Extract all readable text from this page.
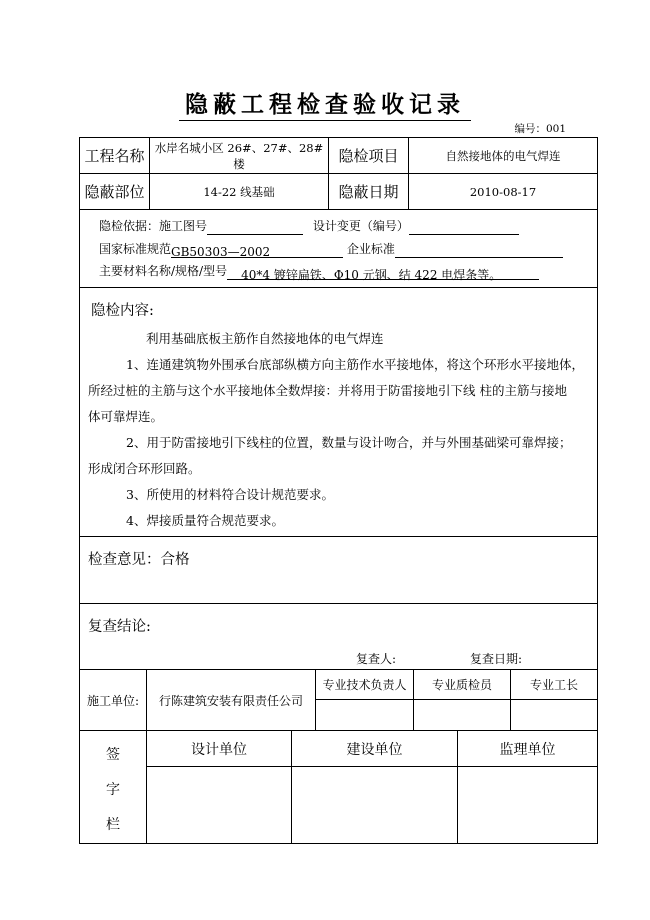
隐蔽工程检查验收记录
编号：001
工程名称 水岸名城小区 26#、27#、28#楼	隐检项目	自然接地体的电气焊连
隐蔽部位	14-22 线基础	隐蔽日期	2010-08-17
隐检依据：施工图号	设计变更（编号）
国家标准规范GB50303—2002	企业标准
主要材料名称/规格/型号 40*4 镀锌扁铁、Φ10 元钢、结 422 电焊条等。
隐检内容:
利用基础底板主筋作自然接地体的电气焊连
1、连通建筑物外围承台底部纵横方向主筋作水平接地体，将这个环形水平接地体，
所经过桩的主筋与这个水平接地体全数焊接：并将用于防雷接地引下线 柱的主筋与接地
体可靠焊连。
2、用于防雷接地引下线柱的位置，数量与设计吻合，并与外围基础梁可靠焊接；
形成闭合环形回路。
3、所使用的材料符合设计规范要求。
4、焊接质量符合规范要求。
检查意见：合格
复查结论:
复查人:	复查日期:
施工单位:	行陈建筑安装有限责任公司
专业技术负责人	专业质检员	专业工长
签
字
栏
设计单位	建设单位	监理单位
